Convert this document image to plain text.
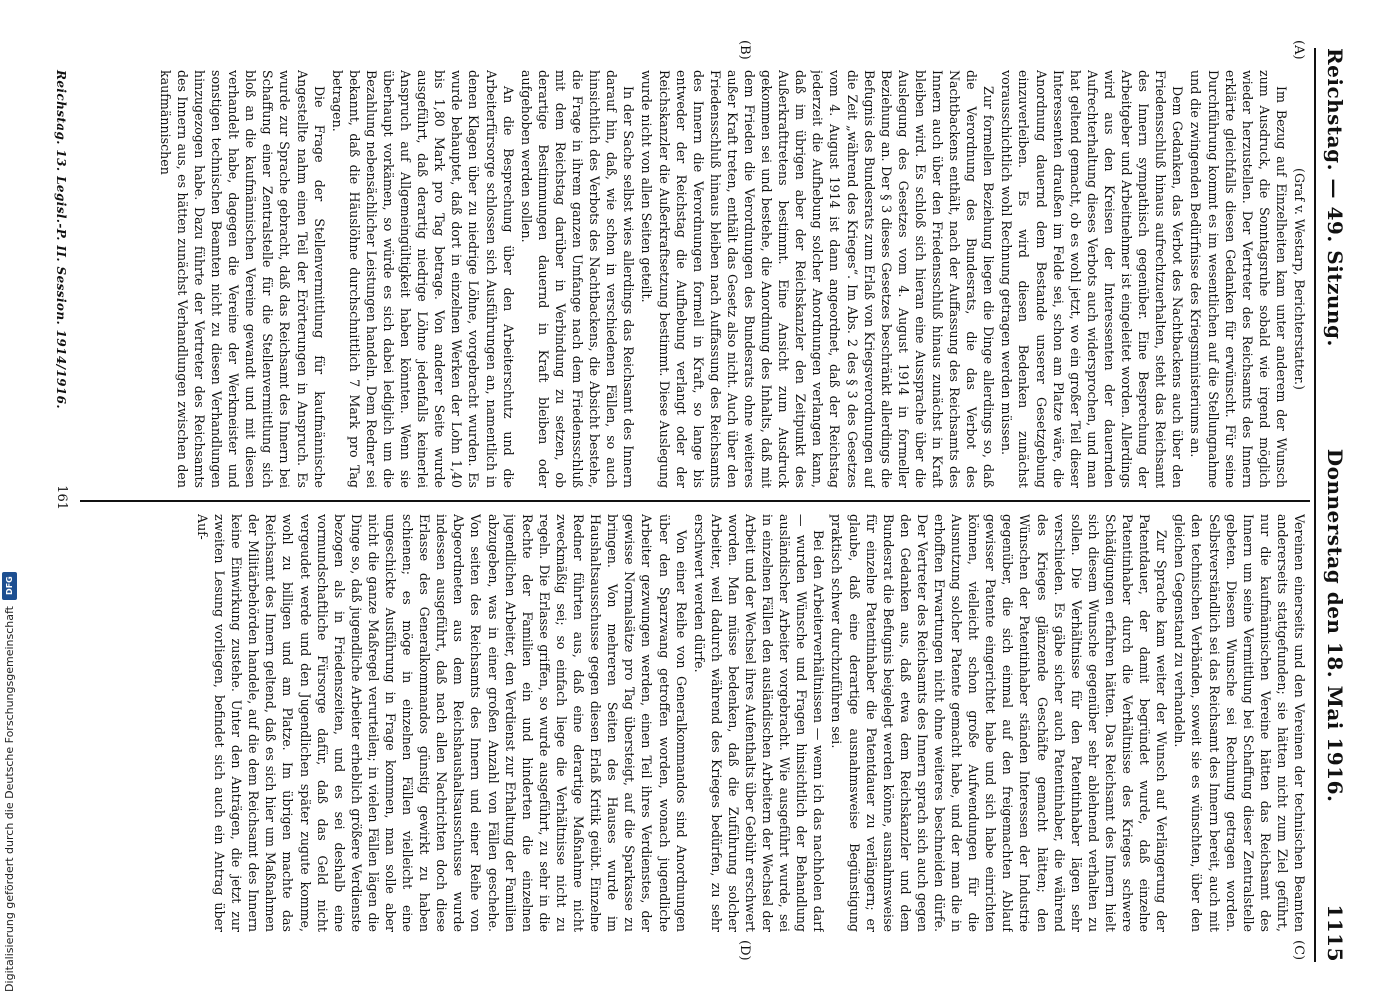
Reichstag. — 49. Sitzung.
Donnerstag den 18. Mai 1916.
1115
(A)
(B)
(C)
(D)

(Graf v. Westarp, Berichterstatter.)

Im Bezug auf Einzelheiten kam unter anderem der Wunsch zum Ausdruck, die Sonntagsruhe sobald wie irgend möglich wieder herzustellen. Der Vertreter des Reichsamts des Innern erklärte gleichfalls diesen Gedanken für erwünscht. Für seine Durchführung kommt es im wesentlichen auf die Stellungnahme und die zwingenden Bedürfnisse des Kriegsministeriums an.

Dem Gedanken, das Verbot des Nachtbackens auch über den Friedensschluß hinaus aufrechtzuerhalten, steht das Reichsamt des Innern sympathisch gegenüber. Eine Besprechung der Arbeitgeber und Arbeitnehmer ist eingeleitet worden. Allerdings wird aus den Kreisen der Interessenten der dauernden Aufrechterhaltung dieses Verbots auch widersprochen, und man hat geltend gemacht, ob es wohl jetzt, wo ein großer Teil dieser Interessenten draußen im Felde sei, schon am Platze wäre, die Anordnung dauernd dem Bestande unserer Gesetzgebung einzuverleiben. Es wird diesen Bedenken zunächst vorausschichtlich wohl Rechnung getragen werden müssen.

Zur formellen Beziehung liegen die Dinge allerdings so, daß die Verordnung des Bundesrats, die das Verbot des Nachtbackens enthält, nach der Auffassung des Reichsamts des Innern auch über den Friedensschluß hinaus zunächst in Kraft bleiben wird. Es schloß sich hieran eine Aussprache über die Auslegung des Gesetzes vom 4. August 1914 in formeller Beziehung an. Der § 3 dieses Gesetzes beschränkt allerdings die Befugnis des Bundesrats zum Erlaß von Kriegsverordnungen auf die Zeit „während des Krieges“. Im Abs. 2 des § 3 des Gesetzes vom 4. August 1914 ist dann angeordnet, daß der Reichstag jederzeit die Aufhebung solcher Anordnungen verlangen kann, daß im übrigen aber der Reichskanzler den Zeitpunkt des Außerkrafttretens bestimmt. Eine Ansicht zum Ausdruck gekommen sei und bestehe, die Anordnung des Inhalts, daß mit dem Frieden die Verordnungen des Bundesrats ohne weiteres außer Kraft treten, enthält das Gesetz also nicht. Auch über den Friedensschluß hinaus bleiben nach Auffassung des Reichsamts des Innern die Verordnungen formell in Kraft, so lange bis entweder der Reichstag die Aufhebung verlangt oder der Reichskanzler die Außerkraftsetzung bestimmt. Diese Auslegung wurde nicht von allen Seiten geteilt.

In der Sache selbst wies allerdings das Reichsamt des Innern darauf hin, daß, wie schon in verschiedenen Fällen, so auch hinsichtlich des Verbots des Nachtbackens, die Absicht bestehe, die Frage in ihrem ganzen Umfange nach dem Friedensschluß mit dem Reichstag darüber in Verbindung zu setzen, ob derartige Bestimmungen dauernd in Kraft bleiben oder aufgehoben werden sollen.

An die Besprechung über den Arbeiterschutz und die Arbeiterfürsorge schlossen sich Ausführungen an, namentlich in denen Klagen über zu niedrige Löhne, vorgebracht wurden. Es wurde behauptet, daß dort in einzelnen Werken der Lohn 1,40 bis 1,80 Mark pro Tag betrage. Von anderer Seite wurde ausgeführt, daß derartig niedrige Löhne jedenfalls keinerlei Anspruch auf Allgemeingültigkeit haben könnten. Wenn sie überhaupt vorkämen, so würde es sich dabei lediglich um die Bezahlung nebensächlicher Leistungen handeln. Dem Redner sei bekannt, daß die Häuslöhne durchschnittlich 7 Mark pro Tag betragen.

Die Frage der Stellenvermittlung für kaufmännische Angestellte nahm einen Teil der Erörterungen in Anspruch. Es wurde zur Sprache gebracht, daß das Reichsamt des Innern bei Schaffung einer Zentralstelle für die Stellenvermittlung sich bloß an die kaufmännischen Vereine gewandt und mit diesen verhandelt habe, dagegen die Vereine der Werkmeister und sonstigen technischen Beamten nicht zu diesen Verhandlungen hinzugezogen habe. Dazu führte der Vertreter des Reichsamts des Innern aus, es hätten zunächst Verhandlungen zwischen den kaufmännischen

Vereinen einerseits und den Vereinen der technischen Beamten andererseits stattgefunden; sie hätten nicht zum Ziel geführt, nur die kaufmännischen Vereine hätten das Reichsamt des Innern um seine Vermittlung bei Schaffung dieser Zentralstelle gebeten. Diesem Wunsche sei Rechnung getragen worden. Selbstverständlich sei das Reichsamt des Innern bereit, auch mit den technischen Verbänden, soweit sie es wünschten, über den gleichen Gegenstand zu verhandeln.

Zur Sprache kam weiter der Wunsch auf Verlängerung der Patentdauer, der damit begründet wurde, daß einzelne Patentinhaber durch die Verhältnisse des Krieges schwere Schädigungen erfahren hätten. Das Reichsamt des Innern hielt sich diesem Wunsche gegenüber sehr ablehnend verhalten zu sollen. Die Verhältnisse für den Patentinhaber lägen sehr verschieden. Es gäbe sicher auch Patentinhaber, die während des Krieges glänzende Geschäfte gemacht hätten; den Wünschen der Patentinhaber ständen Interessen der Industrie gegenüber, die sich einmal auf den freigemachten Ablauf gewisser Patente eingerichtet habe und sich habe einrichten können, vielleicht schon große Aufwendungen für die Ausnutzung solcher Patente gemacht habe, und der man die in erhofften Erwartungen nicht ohne weiteres beschneiden dürfe. Der Vertreter des Reichsamts des Innern sprach sich auch gegen den Gedanken aus, daß etwa dem Reichskanzler und dem Bundesrat die Befugnis beigelegt werden könne, ausnahmsweise für einzelne Patentinhaber die Patentdauer zu verlängern; er glaube, daß eine derartige ausnahmsweise Begünstigung praktisch schwer durchzuführen sei.

Bei den Arbeiterverhältnissen — wenn ich das nachholen darf — wurden Wünsche und Fragen hinsichtlich der Behandlung ausländischer Arbeiter vorgebracht. Wie ausgeführt wurde, sei in einzelnen Fällen den ausländischen Arbeitern der Wechsel der Arbeit und der Wechsel ihres Aufenthalts über Gebühr erschwert worden. Man müsse bedenken, daß die Zuführung solcher Arbeiter, weil dadurch während des Krieges bedürfen, zu sehr erschwert werden dürfe.

Von einer Reihe von Generalkommandos sind Anordnungen über den Sparzwang getroffen worden, wonach jugendliche Arbeiter gezwungen werden, einen Teil ihres Verdienstes, der gewisse Normalsätze pro Tag übersteigt, auf die Sparkasse zu bringen. Von mehreren Seiten des Hauses wurde im Haushaltsausschusse gegen diesen Erlaß Kritik geübt. Einzelne Redner führten aus, daß eine derartige Maßnahme nicht zweckmäßig sei; so einfach liege die Verhältnisse nicht zu regeln. Die Erlasse griffen, so wurde ausgeführt, zu sehr in die Rechte der Familien ein und hinderten die einzelnen jugendlichen Arbeiter, den Verdienst zur Erhaltung der Familien abzugeben, was in einer großen Anzahl von Fällen geschehe. Von seiten des Reichsamts des Innern und einer Reihe von Abgeordneten aus dem Reichshaushaltsausschusse wurde indessen ausgeführt, daß nach allen Nachrichten doch diese Erlasse des Generalkommandos günstig gewirkt zu haben schienen; es möge in einzelnen Fällen vielleicht eine ungeschickte Ausführung in Frage kommen, man solle aber nicht die ganze Maßregel verurteilen; in vielen Fällen lägen die Dinge so, daß jugendliche Arbeiter erheblich größere Verdienste bezogen als in Friedenszeiten, und es sei deshalb eine vormundschaftliche Fürsorge dafür, daß das Geld nicht vergeudet werde und den Jugendlichen später zugute komme, wohl zu billigen und am Platze. Im übrigen machte das Reichsamt des Innern geltend, daß es sich hier um Maßnahmen der Militärbehörden handele, auf die dem Reichsamt des Innern keine Einwirkung zustehe. Unter den Anträgen, die jetzt zur zweiten Lesung vorliegen, befindet sich auch ein Antrag über Auf-

Reichstag. 13. Legisl.-P. II. Session. 1914/1916.
161
Digitalisierung gefördert durch die Deutsche Forschungsgemeinschaft
DFG
